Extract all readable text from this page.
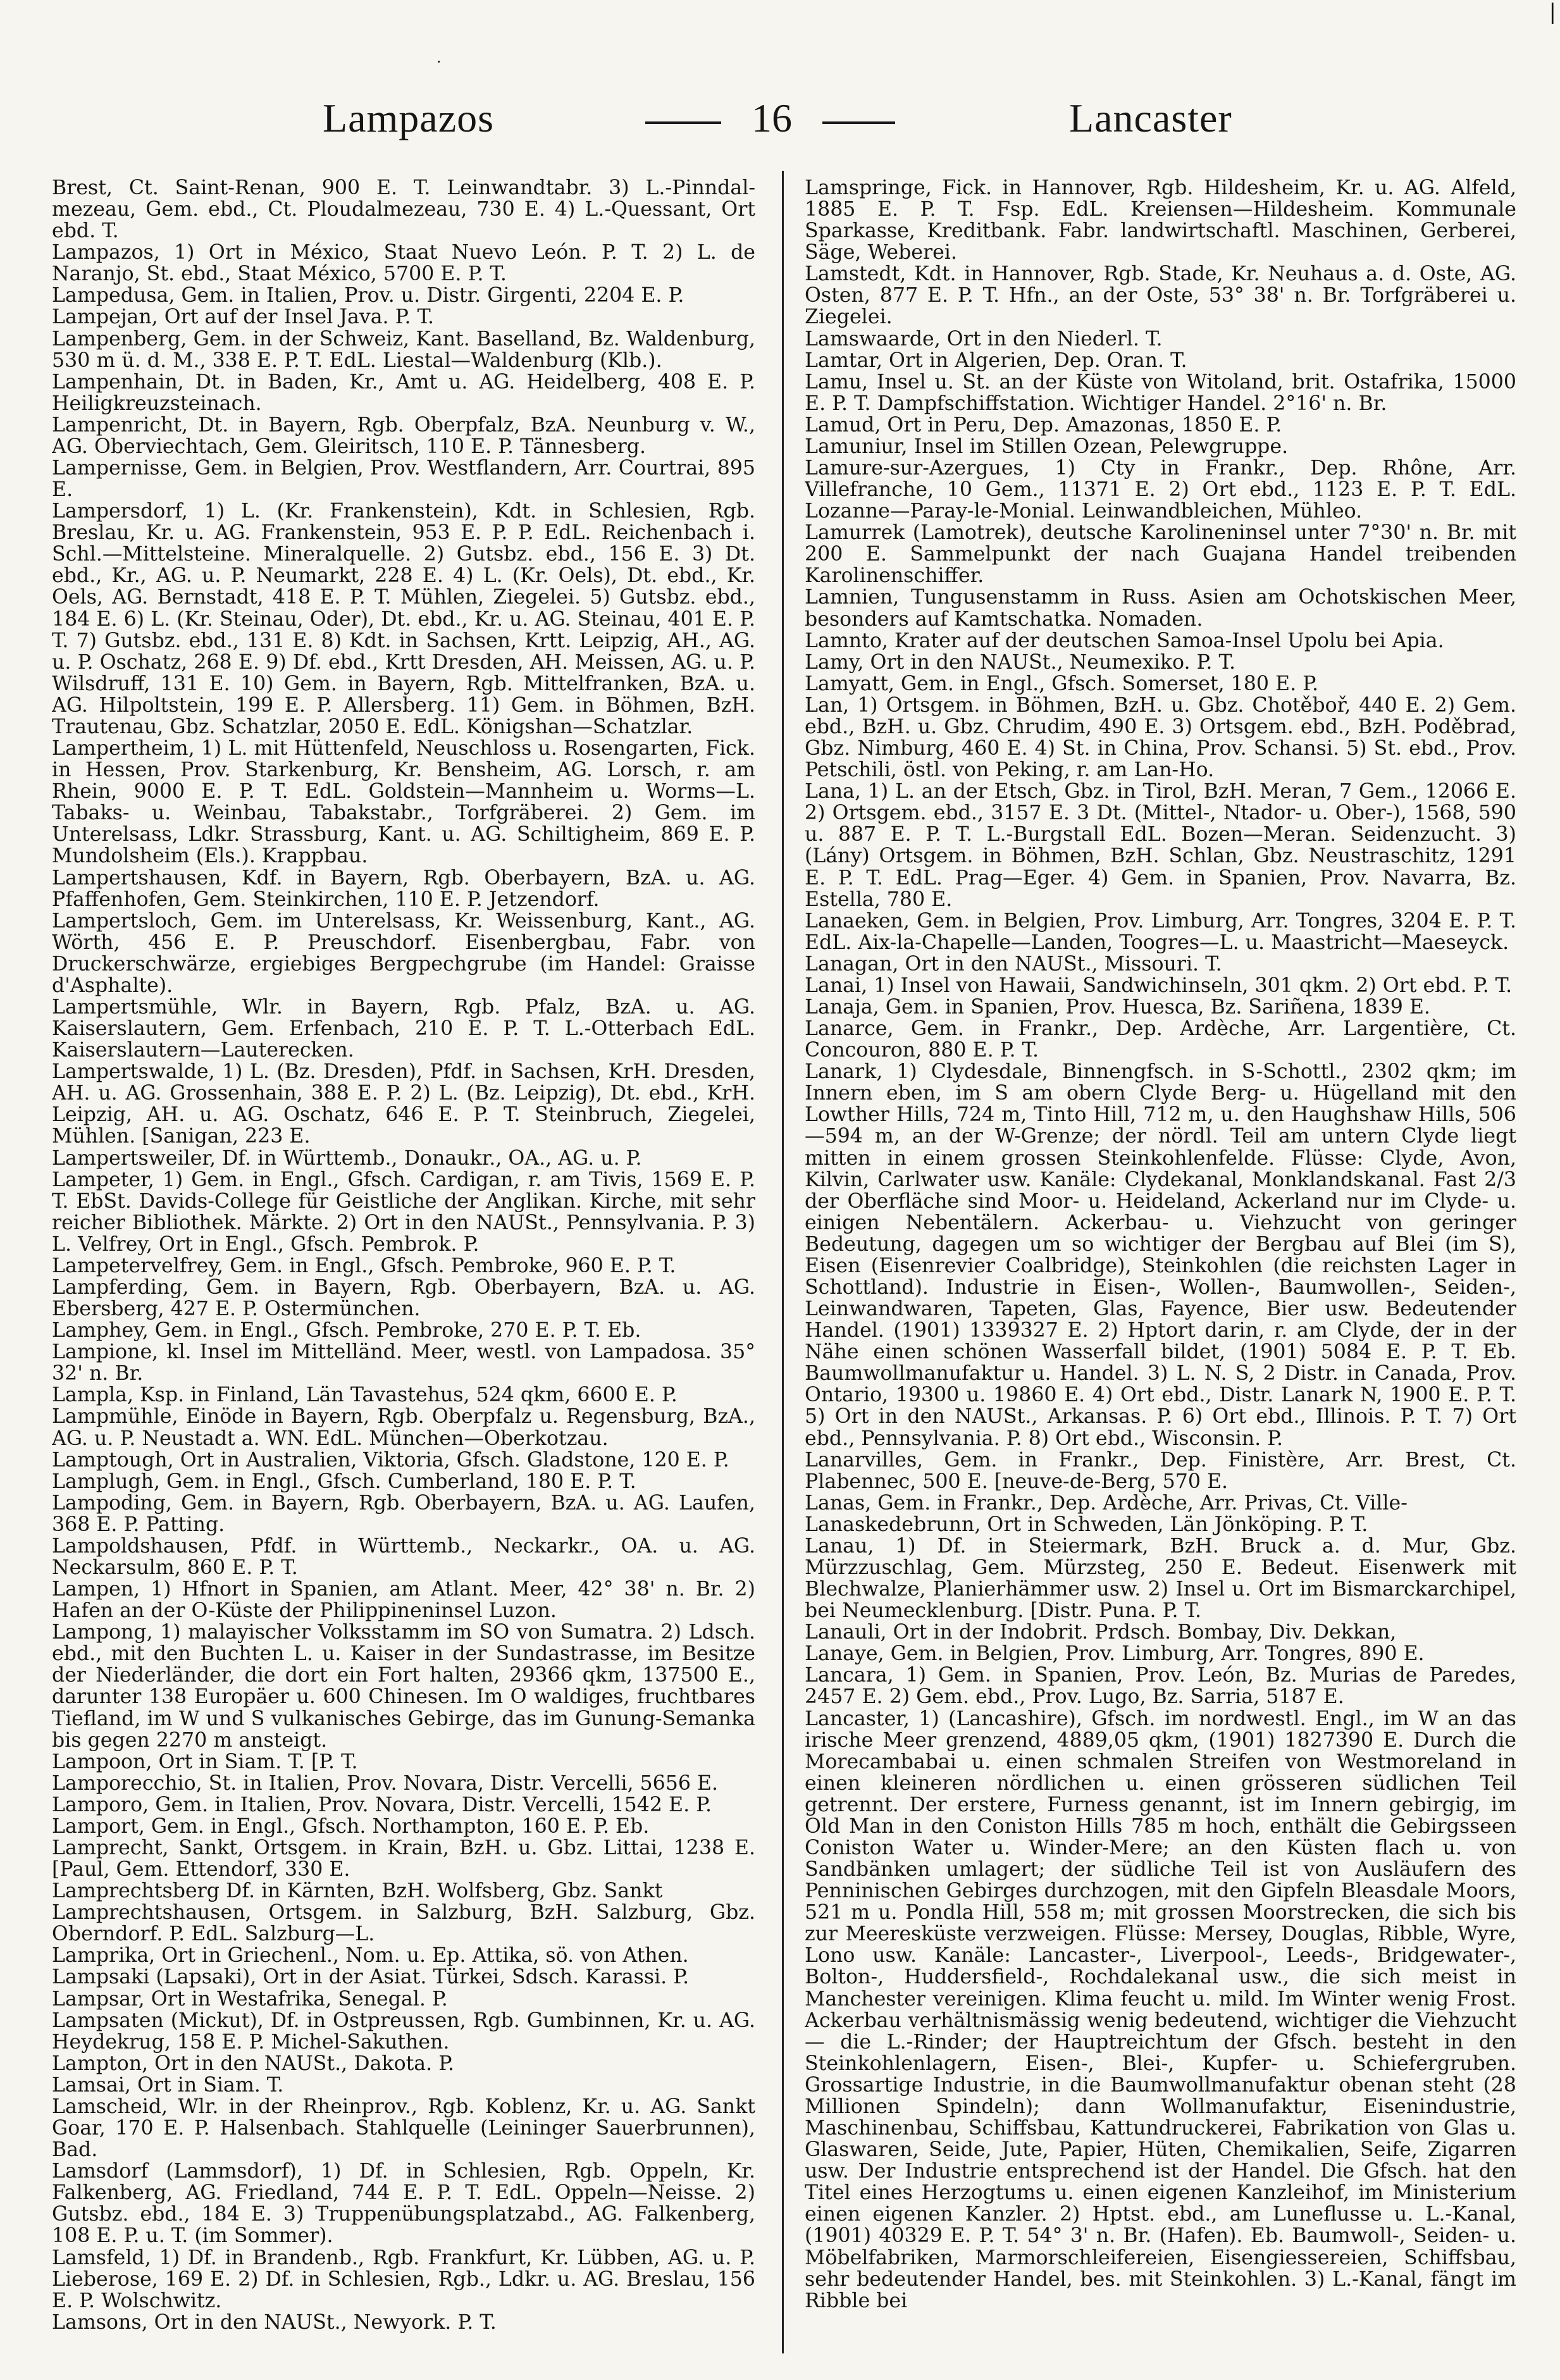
Lampazos	16	Lancaster
·
|

Brest, Ct. Saint-Renan, 900 E. T. Leinwandtabr. 3) L.-Pinndal-mezeau, Gem. ebd., Ct. Ploudalmezeau, 730 E. 4) L.-Quessant, Ort ebd. T.

Lampazos, 1) Ort in México, Staat Nuevo León. P. T. 2) L. de Naranjo, St. ebd., Staat México, 5700 E. P. T.

Lampedusa, Gem. in Italien, Prov. u. Distr. Girgenti, 2204 E. P.

Lampejan, Ort auf der Insel Java. P. T.

Lampenberg, Gem. in der Schweiz, Kant. Baselland, Bz. Waldenburg, 530 m ü. d. M., 338 E. P. T. EdL. Liestal—Waldenburg (Klb.).

Lampenhain, Dt. in Baden, Kr., Amt u. AG. Heidelberg, 408 E. P. Heiligkreuzsteinach.

Lampenricht, Dt. in Bayern, Rgb. Oberpfalz, BzA. Neunburg v. W., AG. Oberviechtach, Gem. Gleiritsch, 110 E. P. Tännesberg.

Lampernisse, Gem. in Belgien, Prov. Westflandern, Arr. Courtrai, 895 E.

Lampersdorf, 1) L. (Kr. Frankenstein), Kdt. in Schlesien, Rgb. Breslau, Kr. u. AG. Frankenstein, 953 E. P. P. EdL. Reichenbach i. Schl.—Mittelsteine. Mineralquelle. 2) Gutsbz. ebd., 156 E. 3) Dt. ebd., Kr., AG. u. P. Neumarkt, 228 E. 4) L. (Kr. Oels), Dt. ebd., Kr. Oels, AG. Bernstadt, 418 E. P. T. Mühlen, Ziegelei. 5) Gutsbz. ebd., 184 E. 6) L. (Kr. Steinau, Oder), Dt. ebd., Kr. u. AG. Steinau, 401 E. P. T. 7) Gutsbz. ebd., 131 E. 8) Kdt. in Sachsen, Krtt. Leipzig, AH., AG. u. P. Oschatz, 268 E. 9) Df. ebd., Krtt Dresden, AH. Meissen, AG. u. P. Wilsdruff, 131 E. 10) Gem. in Bayern, Rgb. Mittelfranken, BzA. u. AG. Hilpoltstein, 199 E. P. Allersberg. 11) Gem. in Böhmen, BzH. Trautenau, Gbz. Schatzlar, 2050 E. EdL. Königshan—Schatzlar.

Lampertheim, 1) L. mit Hüttenfeld, Neuschloss u. Rosengarten, Fick. in Hessen, Prov. Starkenburg, Kr. Bensheim, AG. Lorsch, r. am Rhein, 9000 E. P. T. EdL. Goldstein—Mannheim u. Worms—L. Tabaks- u. Weinbau, Tabakstabr., Torfgräberei. 2) Gem. im Unterelsass, Ldkr. Strassburg, Kant. u. AG. Schiltigheim, 869 E. P. Mundolsheim (Els.). Krappbau.

Lampertshausen, Kdf. in Bayern, Rgb. Oberbayern, BzA. u. AG. Pfaffenhofen, Gem. Steinkirchen, 110 E. P. Jetzendorf.

Lampertsloch, Gem. im Unterelsass, Kr. Weissenburg, Kant., AG. Wörth, 456 E. P. Preuschdorf. Eisenbergbau, Fabr. von Druckerschwärze, ergiebiges Bergpechgrube (im Handel: Graisse d'Asphalte).

Lampertsmühle, Wlr. in Bayern, Rgb. Pfalz, BzA. u. AG. Kaiserslautern, Gem. Erfenbach, 210 E. P. T. L.-Otterbach EdL. Kaiserslautern—Lauterecken.

Lampertswalde, 1) L. (Bz. Dresden), Pfdf. in Sachsen, KrH. Dresden, AH. u. AG. Grossenhain, 388 E. P. 2) L. (Bz. Leipzig), Dt. ebd., KrH. Leipzig, AH. u. AG. Oschatz, 646 E. P. T. Steinbruch, Ziegelei, Mühlen. [Sanigan, 223 E.

Lampertsweiler, Df. in Württemb., Donaukr., OA., AG. u. P.

Lampeter, 1) Gem. in Engl., Gfsch. Cardigan, r. am Tivis, 1569 E. P. T. EbSt. Davids-College für Geistliche der Anglikan. Kirche, mit sehr reicher Bibliothek. Märkte. 2) Ort in den NAUSt., Pennsylvania. P. 3) L. Velfrey, Ort in Engl., Gfsch. Pembrok. P.

Lampetervelfrey, Gem. in Engl., Gfsch. Pembroke, 960 E. P. T.

Lampferding, Gem. in Bayern, Rgb. Oberbayern, BzA. u. AG. Ebersberg, 427 E. P. Ostermünchen.

Lamphey, Gem. in Engl., Gfsch. Pembroke, 270 E. P. T. Eb.

Lampione, kl. Insel im Mittelländ. Meer, westl. von Lampadosa. 35° 32' n. Br.

Lampla, Ksp. in Finland, Län Tavastehus, 524 qkm, 6600 E. P.

Lampmühle, Einöde in Bayern, Rgb. Oberpfalz u. Regensburg, BzA., AG. u. P. Neustadt a. WN. EdL. München—Oberkotzau.

Lamptough, Ort in Australien, Viktoria, Gfsch. Gladstone, 120 E. P.

Lamplugh, Gem. in Engl., Gfsch. Cumberland, 180 E. P. T.

Lampoding, Gem. in Bayern, Rgb. Oberbayern, BzA. u. AG. Laufen, 368 E. P. Patting.

Lampoldshausen, Pfdf. in Württemb., Neckarkr., OA. u. AG. Neckarsulm, 860 E. P. T.

Lampen, 1) Hfnort in Spanien, am Atlant. Meer, 42° 38' n. Br. 2) Hafen an der O-Küste der Philippineninsel Luzon.

Lampong, 1) malayischer Volksstamm im SO von Sumatra. 2) Ldsch. ebd., mit den Buchten L. u. Kaiser in der Sundastrasse, im Besitze der Niederländer, die dort ein Fort halten, 29366 qkm, 137500 E., darunter 138 Europäer u. 600 Chinesen. Im O waldiges, fruchtbares Tiefland, im W und S vulkanisches Gebirge, das im Gunung-Semanka bis gegen 2270 m ansteigt.

Lampoon, Ort in Siam. T. [P. T.

Lamporecchio, St. in Italien, Prov. Novara, Distr. Vercelli, 5656 E.

Lamporo, Gem. in Italien, Prov. Novara, Distr. Vercelli, 1542 E. P.

Lamport, Gem. in Engl., Gfsch. Northampton, 160 E. P. Eb.

Lamprecht, Sankt, Ortsgem. in Krain, BzH. u. Gbz. Littai, 1238 E. [Paul, Gem. Ettendorf, 330 E.

Lamprechtsberg Df. in Kärnten, BzH. Wolfsberg, Gbz. Sankt

Lamprechtshausen, Ortsgem. in Salzburg, BzH. Salzburg, Gbz. Oberndorf. P. EdL. Salzburg—L.

Lamprika, Ort in Griechenl., Nom. u. Ep. Attika, sö. von Athen.

Lampsaki (Lapsaki), Ort in der Asiat. Türkei, Sdsch. Karassi. P.

Lampsar, Ort in Westafrika, Senegal. P.

Lampsaten (Mickut), Df. in Ostpreussen, Rgb. Gumbinnen, Kr. u. AG. Heydekrug, 158 E. P. Michel-Sakuthen.

Lampton, Ort in den NAUSt., Dakota. P.

Lamsai, Ort in Siam. T.

Lamscheid, Wlr. in der Rheinprov., Rgb. Koblenz, Kr. u. AG. Sankt Goar, 170 E. P. Halsenbach. Stahlquelle (Leininger Sauerbrunnen), Bad.

Lamsdorf (Lammsdorf), 1) Df. in Schlesien, Rgb. Oppeln, Kr. Falkenberg, AG. Friedland, 744 E. P. T. EdL. Oppeln—Neisse. 2) Gutsbz. ebd., 184 E. 3) Truppenübungsplatzabd., AG. Falkenberg, 108 E. P. u. T. (im Sommer).

Lamsfeld, 1) Df. in Brandenb., Rgb. Frankfurt, Kr. Lübben, AG. u. P. Lieberose, 169 E. 2) Df. in Schlesien, Rgb., Ldkr. u. AG. Breslau, 156 E. P. Wolschwitz.

Lamsons, Ort in den NAUSt., Newyork. P. T.

Lamspringe, Fick. in Hannover, Rgb. Hildesheim, Kr. u. AG. Alfeld, 1885 E. P. T. Fsp. EdL. Kreiensen—Hildesheim. Kommunale Sparkasse, Kreditbank. Fabr. landwirtschaftl. Maschinen, Gerberei, Säge, Weberei.

Lamstedt, Kdt. in Hannover, Rgb. Stade, Kr. Neuhaus a. d. Oste, AG. Osten, 877 E. P. T. Hfn., an der Oste, 53° 38' n. Br. Torfgräberei u. Ziegelei.

Lamswaarde, Ort in den Niederl. T.

Lamtar, Ort in Algerien, Dep. Oran. T.

Lamu, Insel u. St. an der Küste von Witoland, brit. Ostafrika, 15000 E. P. T. Dampfschiffstation. Wichtiger Handel. 2°16' n. Br.

Lamud, Ort in Peru, Dep. Amazonas, 1850 E. P.

Lamuniur, Insel im Stillen Ozean, Pelewgruppe.

Lamure-sur-Azergues, 1) Cty in Frankr., Dep. Rhône, Arr. Villefranche, 10 Gem., 11371 E. 2) Ort ebd., 1123 E. P. T. EdL. Lozanne—Paray-le-Monial. Leinwandbleichen, Mühleo.

Lamurrek (Lamotrek), deutsche Karolineninsel unter 7°30' n. Br. mit 200 E. Sammelpunkt der nach Guajana Handel treibenden Karolinenschiffer.

Lamnien, Tungusenstamm in Russ. Asien am Ochotskischen Meer, besonders auf Kamtschatka. Nomaden.

Lamnto, Krater auf der deutschen Samoa-Insel Upolu bei Apia.

Lamy, Ort in den NAUSt., Neumexiko. P. T.

Lamyatt, Gem. in Engl., Gfsch. Somerset, 180 E. P.

Lan, 1) Ortsgem. in Böhmen, BzH. u. Gbz. Chotěboř, 440 E. 2) Gem. ebd., BzH. u. Gbz. Chrudim, 490 E. 3) Ortsgem. ebd., BzH. Poděbrad, Gbz. Nimburg, 460 E. 4) St. in China, Prov. Schansi. 5) St. ebd., Prov. Petschili, östl. von Peking, r. am Lan-Ho.

Lana, 1) L. an der Etsch, Gbz. in Tirol, BzH. Meran, 7 Gem., 12066 E. 2) Ortsgem. ebd., 3157 E. 3 Dt. (Mittel-, Ntador- u. Ober-), 1568, 590 u. 887 E. P. T. L.-Burgstall EdL. Bozen—Meran. Seidenzucht. 3) (Lány) Ortsgem. in Böhmen, BzH. Schlan, Gbz. Neustraschitz, 1291 E. P. T. EdL. Prag—Eger. 4) Gem. in Spanien, Prov. Navarra, Bz. Estella, 780 E.

Lanaeken, Gem. in Belgien, Prov. Limburg, Arr. Tongres, 3204 E. P. T. EdL. Aix-la-Chapelle—Landen, Toogres—L. u. Maastricht—Maeseyck.

Lanagan, Ort in den NAUSt., Missouri. T.

Lanai, 1) Insel von Hawaii, Sandwichinseln, 301 qkm. 2) Ort ebd. P. T.

Lanaja, Gem. in Spanien, Prov. Huesca, Bz. Sariñena, 1839 E.

Lanarce, Gem. in Frankr., Dep. Ardèche, Arr. Largentière, Ct. Concouron, 880 E. P. T.

Lanark, 1) Clydesdale, Binnengfsch. in S-Schottl., 2302 qkm; im Innern eben, im S am obern Clyde Berg- u. Hügelland mit den Lowther Hills, 724 m, Tinto Hill, 712 m, u. den Haughshaw Hills, 506—594 m, an der W-Grenze; der nördl. Teil am untern Clyde liegt mitten in einem grossen Steinkohlenfelde. Flüsse: Clyde, Avon, Kilvin, Carlwater usw. Kanäle: Clydekanal, Monklandskanal. Fast 2/3 der Oberfläche sind Moor- u. Heideland, Ackerland nur im Clyde- u. einigen Nebentälern. Ackerbau- u. Viehzucht von geringer Bedeutung, dagegen um so wichtiger der Bergbau auf Blei (im S), Eisen (Eisenrevier Coalbridge), Steinkohlen (die reichsten Lager in Schottland). Industrie in Eisen-, Wollen-, Baumwollen-, Seiden-, Leinwandwaren, Tapeten, Glas, Fayence, Bier usw. Bedeutender Handel. (1901) 1339327 E. 2) Hptort darin, r. am Clyde, der in der Nähe einen schönen Wasserfall bildet, (1901) 5084 E. P. T. Eb. Baumwollmanufaktur u. Handel. 3) L. N. S, 2 Distr. in Canada, Prov. Ontario, 19300 u. 19860 E. 4) Ort ebd., Distr. Lanark N, 1900 E. P. T. 5) Ort in den NAUSt., Arkansas. P. 6) Ort ebd., Illinois. P. T. 7) Ort ebd., Pennsylvania. P. 8) Ort ebd., Wisconsin. P.

Lanarvilles, Gem. in Frankr., Dep. Finistère, Arr. Brest, Ct. Plabennec, 500 E. [neuve-de-Berg, 570 E.

Lanas, Gem. in Frankr., Dep. Ardèche, Arr. Privas, Ct. Ville-

Lanaskedebrunn, Ort in Schweden, Län Jönköping. P. T.

Lanau, 1) Df. in Steiermark, BzH. Bruck a. d. Mur, Gbz. Mürzzuschlag, Gem. Mürzsteg, 250 E. Bedeut. Eisenwerk mit Blechwalze, Planierhämmer usw. 2) Insel u. Ort im Bismarckarchipel, bei Neumecklenburg. [Distr. Puna. P. T.

Lanauli, Ort in der Indobrit. Prdsch. Bombay, Div. Dekkan,

Lanaye, Gem. in Belgien, Prov. Limburg, Arr. Tongres, 890 E.

Lancara, 1) Gem. in Spanien, Prov. León, Bz. Murias de Paredes, 2457 E. 2) Gem. ebd., Prov. Lugo, Bz. Sarria, 5187 E.

Lancaster, 1) (Lancashire), Gfsch. im nordwestl. Engl., im W an das irische Meer grenzend, 4889,05 qkm, (1901) 1827390 E. Durch die Morecambabai u. einen schmalen Streifen von Westmoreland in einen kleineren nördlichen u. einen grösseren südlichen Teil getrennt. Der erstere, Furness genannt, ist im Innern gebirgig, im Old Man in den Coniston Hills 785 m hoch, enthält die Gebirgsseen Coniston Water u. Winder-Mere; an den Küsten flach u. von Sandbänken umlagert; der südliche Teil ist von Ausläufern des Penninischen Gebirges durchzogen, mit den Gipfeln Bleasdale Moors, 521 m u. Pondla Hill, 558 m; mit grossen Moorstrecken, die sich bis zur Meeresküste verzweigen. Flüsse: Mersey, Douglas, Ribble, Wyre, Lono usw. Kanäle: Lancaster-, Liverpool-, Leeds-, Bridgewater-, Bolton-, Huddersfield-, Rochdalekanal usw., die sich meist in Manchester vereinigen. Klima feucht u. mild. Im Winter wenig Frost. Ackerbau verhältnismässig wenig bedeutend, wichtiger die Viehzucht — die L.-Rinder; der Hauptreichtum der Gfsch. besteht in den Steinkohlenlagern, Eisen-, Blei-, Kupfer- u. Schiefergruben. Grossartige Industrie, in die Baumwollmanufaktur obenan steht (28 Millionen Spindeln); dann Wollmanufaktur, Eisenindustrie, Maschinenbau, Schiffsbau, Kattundruckerei, Fabrikation von Glas u. Glaswaren, Seide, Jute, Papier, Hüten, Chemikalien, Seife, Zigarren usw. Der Industrie entsprechend ist der Handel. Die Gfsch. hat den Titel eines Herzogtums u. einen eigenen Kanzleihof, im Ministerium einen eigenen Kanzler. 2) Hptst. ebd., am Luneflusse u. L.-Kanal, (1901) 40329 E. P. T. 54° 3' n. Br. (Hafen). Eb. Baumwoll-, Seiden- u. Möbelfabriken, Marmorschleifereien, Eisengiessereien, Schiffsbau, sehr bedeutender Handel, bes. mit Steinkohlen. 3) L.-Kanal, fängt im Ribble bei
